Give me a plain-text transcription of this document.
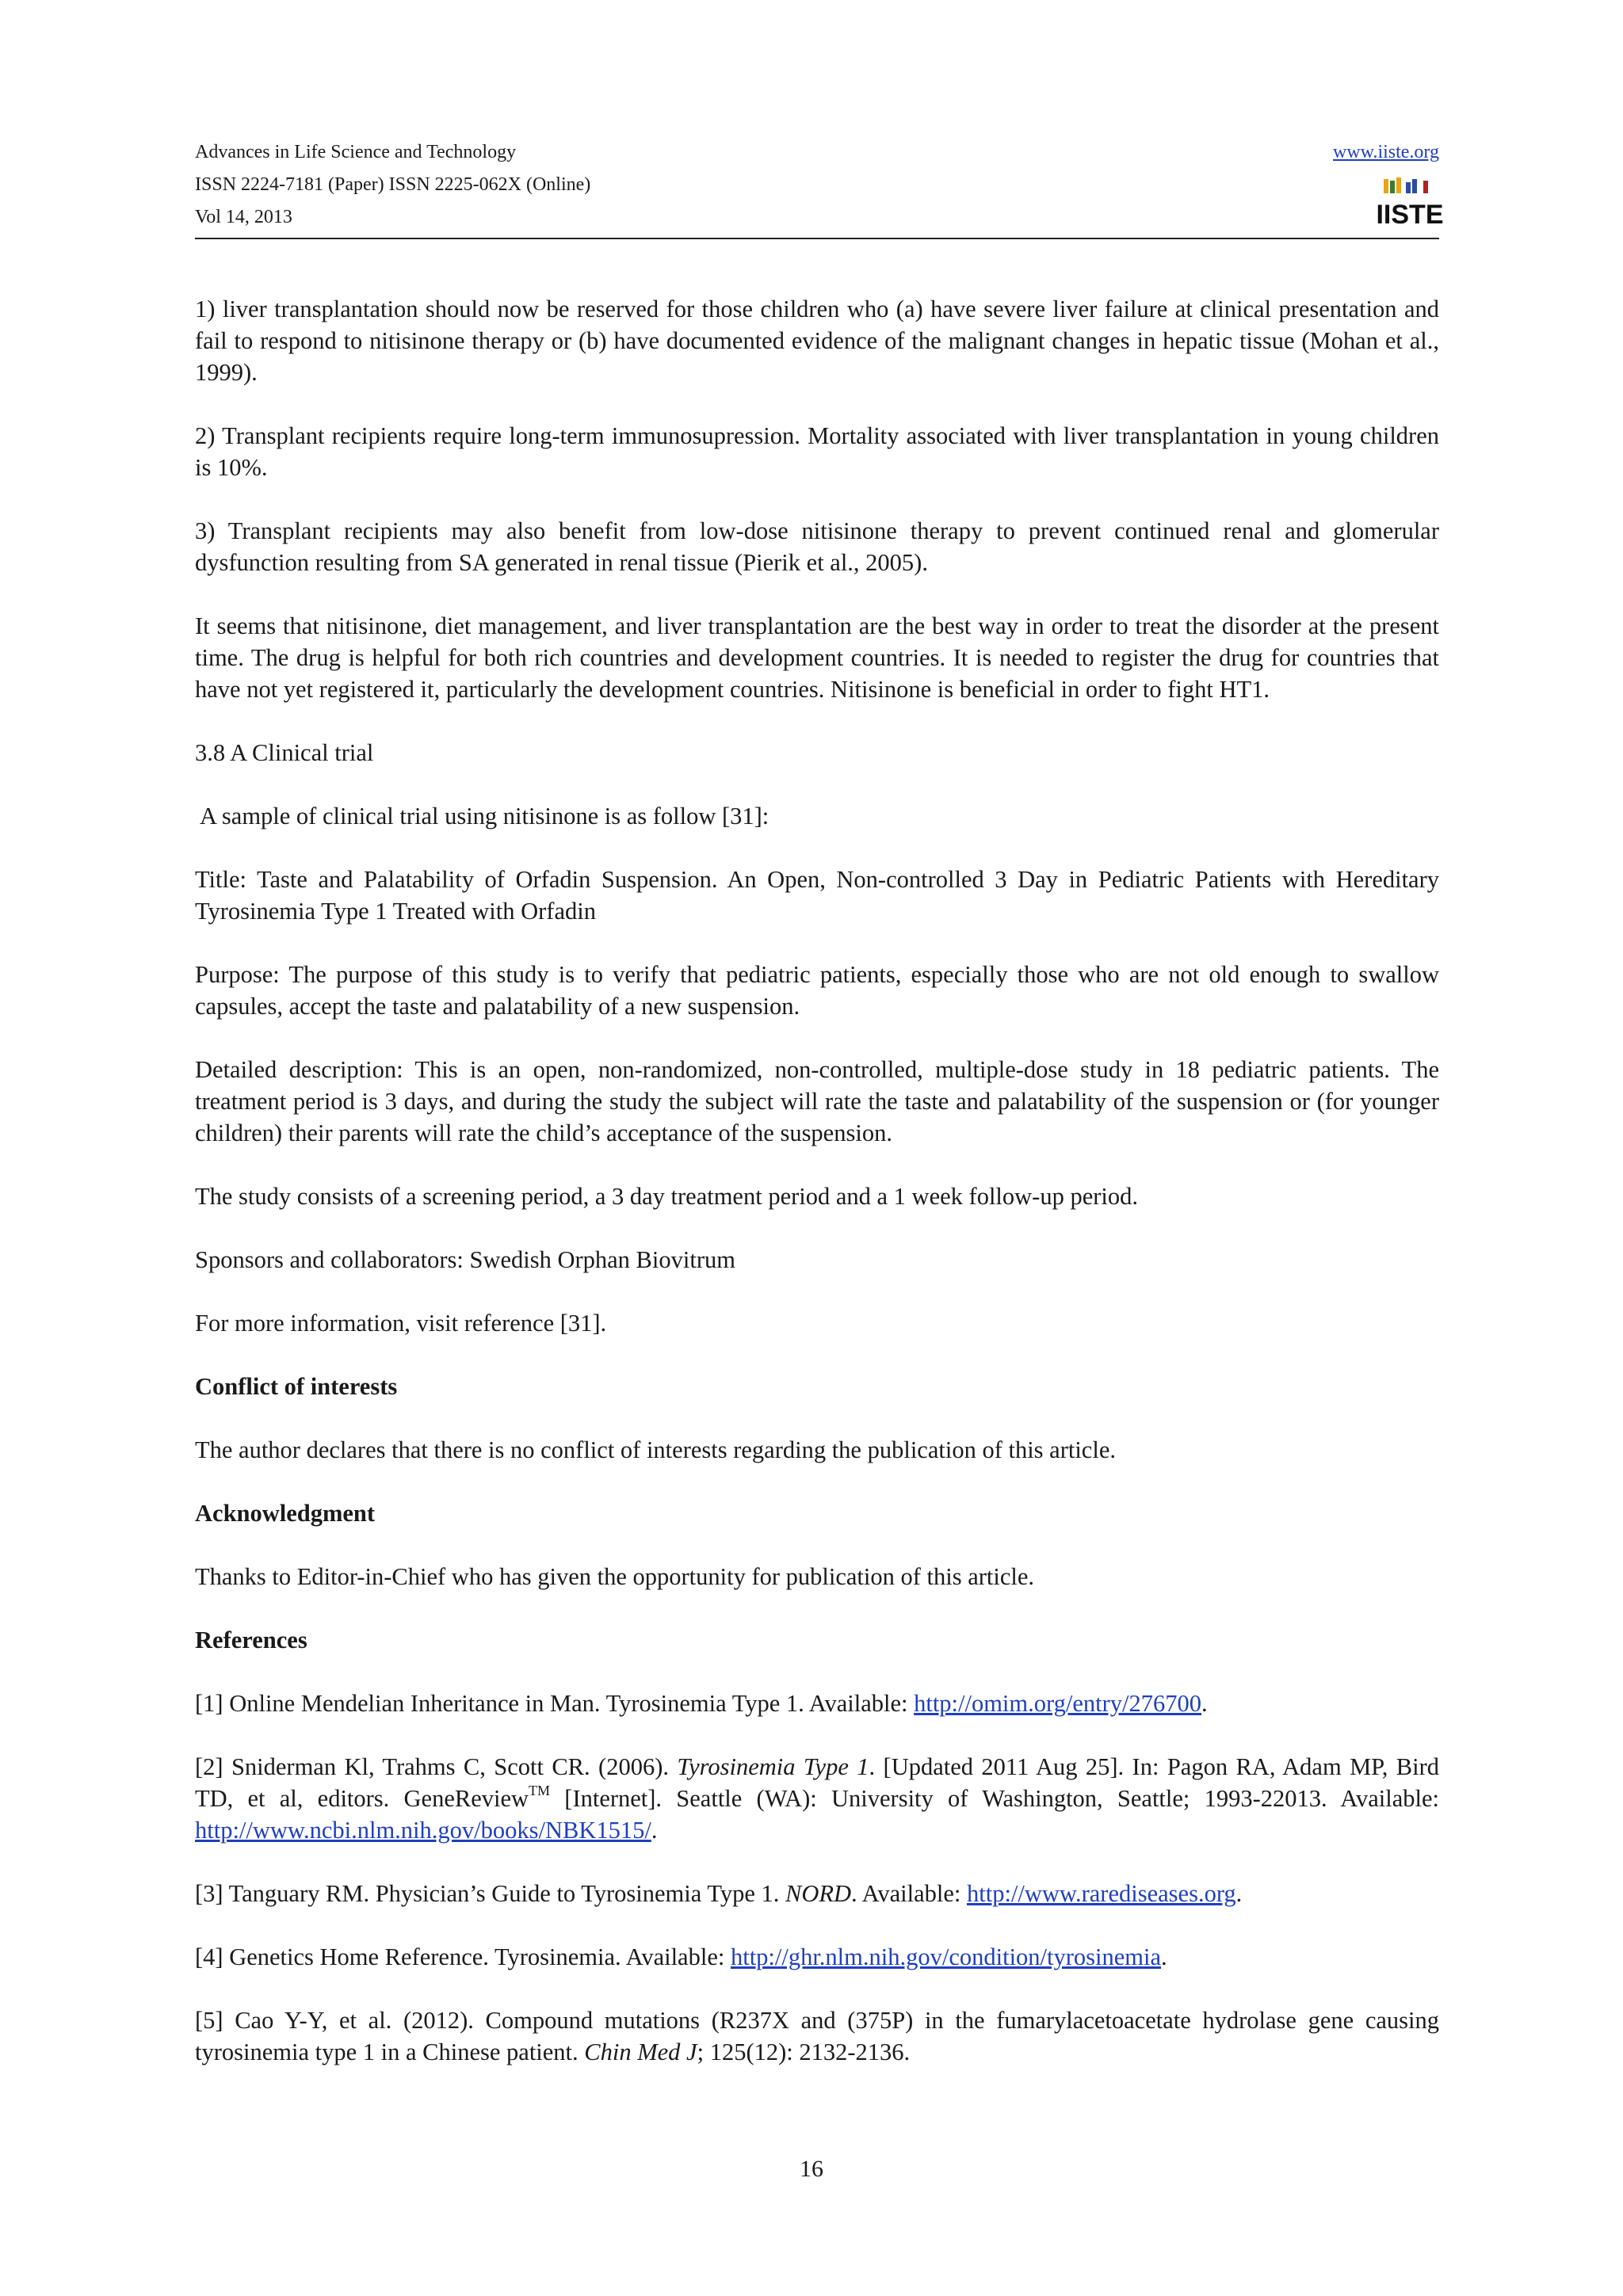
Advances in Life Science and Technology
ISSN 2224-7181 (Paper) ISSN 2225-062X (Online)
Vol 14, 2013
www.iiste.org
IISTE

1) liver transplantation should now be reserved for those children who (a) have severe liver failure at clinical presentation and fail to respond to nitisinone therapy or (b) have documented evidence of the malignant changes in hepatic tissue (Mohan et al., 1999).

2) Transplant recipients require long-term immunosupression. Mortality associated with liver transplantation in young children is 10%.

3) Transplant recipients may also benefit from low-dose nitisinone therapy to prevent continued renal and glomerular dysfunction resulting from SA generated in renal tissue (Pierik et al., 2005).

It seems that nitisinone, diet management, and liver transplantation are the best way in order to treat the disorder at the present time. The drug is helpful for both rich countries and development countries. It is needed to register the drug for countries that have not yet registered it, particularly the development countries. Nitisinone is beneficial in order to fight HT1.

3.8 A Clinical trial

A sample of clinical trial using nitisinone is as follow [31]:

Title: Taste and Palatability of Orfadin Suspension. An Open, Non-controlled 3 Day in Pediatric Patients with Hereditary Tyrosinemia Type 1 Treated with Orfadin

Purpose: The purpose of this study is to verify that pediatric patients, especially those who are not old enough to swallow capsules, accept the taste and palatability of a new suspension.

Detailed description: This is an open, non-randomized, non-controlled, multiple-dose study in 18 pediatric patients. The treatment period is 3 days, and during the study the subject will rate the taste and palatability of the suspension or (for younger children) their parents will rate the child’s acceptance of the suspension.

The study consists of a screening period, a 3 day treatment period and a 1 week follow-up period.

Sponsors and collaborators: Swedish Orphan Biovitrum

For more information, visit reference [31].

Conflict of interests

The author declares that there is no conflict of interests regarding the publication of this article.

Acknowledgment

Thanks to Editor-in-Chief who has given the opportunity for publication of this article.

References

[1] Online Mendelian Inheritance in Man. Tyrosinemia Type 1. Available: http://omim.org/entry/276700.

[2] Sniderman Kl, Trahms C, Scott CR. (2006). Tyrosinemia Type 1. [Updated 2011 Aug 25]. In: Pagon RA, Adam MP, Bird TD, et al, editors. GeneReview™ [Internet]. Seattle (WA): University of Washington, Seattle; 1993-22013. Available: http://www.ncbi.nlm.nih.gov/books/NBK1515/.

[3] Tanguary RM. Physician’s Guide to Tyrosinemia Type 1. NORD. Available: http://www.rarediseases.org.

[4] Genetics Home Reference. Tyrosinemia. Available: http://ghr.nlm.nih.gov/condition/tyrosinemia.

[5] Cao Y-Y, et al. (2012). Compound mutations (R237X and (375P) in the fumarylacetoacetate hydrolase gene causing tyrosinemia type 1 in a Chinese patient. Chin Med J; 125(12): 2132-2136.

16
